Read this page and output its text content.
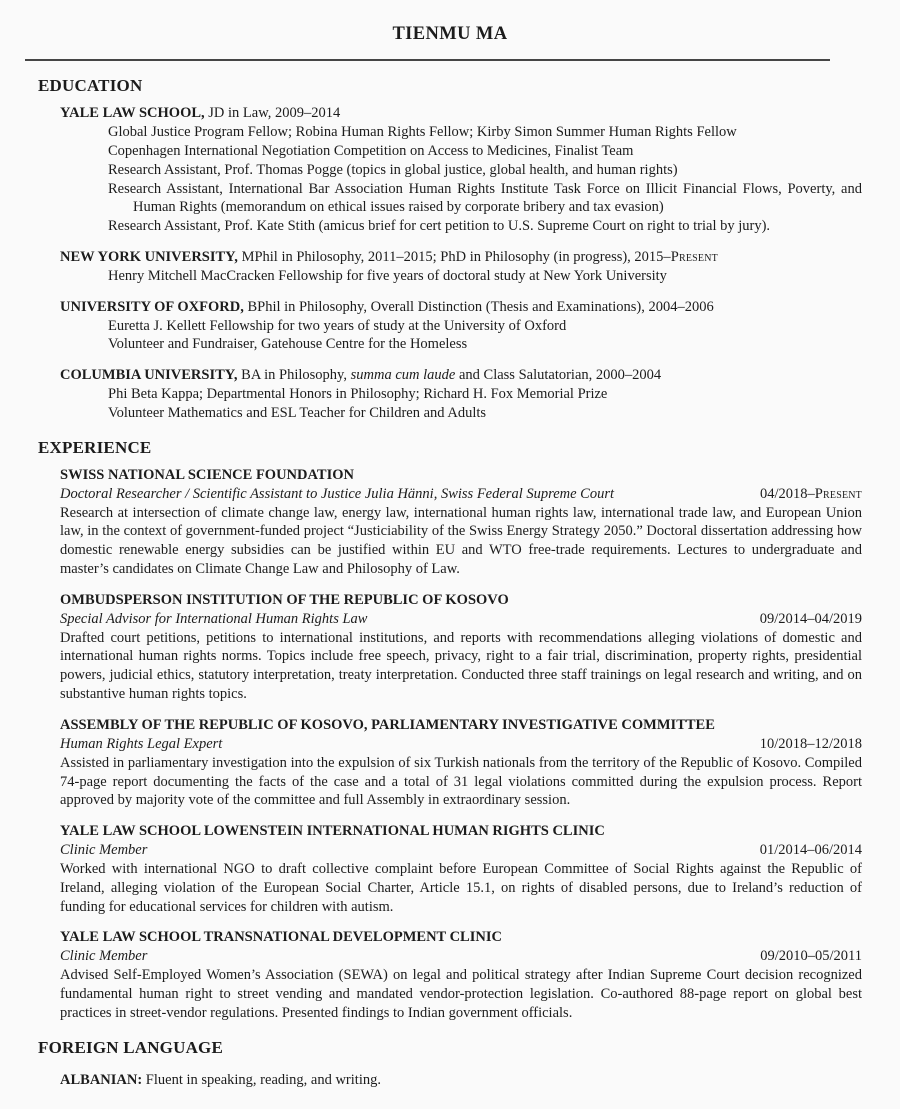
TIENMU MA
EDUCATION

YALE LAW SCHOOL, JD in Law, 2009–2014

Global Justice Program Fellow; Robina Human Rights Fellow; Kirby Simon Summer Human Rights Fellow

Copenhagen International Negotiation Competition on Access to Medicines, Finalist Team

Research Assistant, Prof. Thomas Pogge (topics in global justice, global health, and human rights)

Research Assistant, International Bar Association Human Rights Institute Task Force on Illicit Financial Flows, Poverty, and Human Rights (memorandum on ethical issues raised by corporate bribery and tax evasion)

Research Assistant, Prof. Kate Stith (amicus brief for cert petition to U.S. Supreme Court on right to trial by jury).

NEW YORK UNIVERSITY, MPhil in Philosophy, 2011–2015; PhD in Philosophy (in progress), 2015–Present

Henry Mitchell MacCracken Fellowship for five years of doctoral study at New York University

UNIVERSITY OF OXFORD, BPhil in Philosophy, Overall Distinction (Thesis and Examinations), 2004–2006

Euretta J. Kellett Fellowship for two years of study at the University of Oxford

Volunteer and Fundraiser, Gatehouse Centre for the Homeless

COLUMBIA UNIVERSITY, BA in Philosophy, summa cum laude and Class Salutatorian, 2000–2004

Phi Beta Kappa; Departmental Honors in Philosophy; Richard H. Fox Memorial Prize

Volunteer Mathematics and ESL Teacher for Children and Adults

EXPERIENCE

SWISS NATIONAL SCIENCE FOUNDATION

Doctoral Researcher / Scientific Assistant to Justice Julia Hänni, Swiss Federal Supreme Court	04/2018–Present

Research at intersection of climate change law, energy law, international human rights law, international trade law, and European Union law, in the context of government-funded project “Justiciability of the Swiss Energy Strategy 2050.” Doctoral dissertation addressing how domestic renewable energy subsidies can be justified within EU and WTO free-trade requirements. Lectures to undergraduate and master’s candidates on Climate Change Law and Philosophy of Law.

OMBUDSPERSON INSTITUTION OF THE REPUBLIC OF KOSOVO

Special Advisor for International Human Rights Law	09/2014–04/2019

Drafted court petitions, petitions to international institutions, and reports with recommendations alleging violations of domestic and international human rights norms. Topics include free speech, privacy, right to a fair trial, discrimination, property rights, presidential powers, judicial ethics, statutory interpretation, treaty interpretation. Conducted three staff trainings on legal research and writing, and on substantive human rights topics.

ASSEMBLY OF THE REPUBLIC OF KOSOVO, PARLIAMENTARY INVESTIGATIVE COMMITTEE

Human Rights Legal Expert	10/2018–12/2018

Assisted in parliamentary investigation into the expulsion of six Turkish nationals from the territory of the Republic of Kosovo. Compiled 74-page report documenting the facts of the case and a total of 31 legal violations committed during the expulsion process. Report approved by majority vote of the committee and full Assembly in extraordinary session.

YALE LAW SCHOOL LOWENSTEIN INTERNATIONAL HUMAN RIGHTS CLINIC

Clinic Member	01/2014–06/2014

Worked with international NGO to draft collective complaint before European Committee of Social Rights against the Republic of Ireland, alleging violation of the European Social Charter, Article 15.1, on rights of disabled persons, due to Ireland’s reduction of funding for educational services for children with autism.

YALE LAW SCHOOL TRANSNATIONAL DEVELOPMENT CLINIC

Clinic Member	09/2010–05/2011

Advised Self-Employed Women’s Association (SEWA) on legal and political strategy after Indian Supreme Court decision recognized fundamental human right to street vending and mandated vendor-protection legislation. Co-authored 88-page report on global best practices in street-vendor regulations. Presented findings to Indian government officials.

FOREIGN LANGUAGE

ALBANIAN: Fluent in speaking, reading, and writing.
